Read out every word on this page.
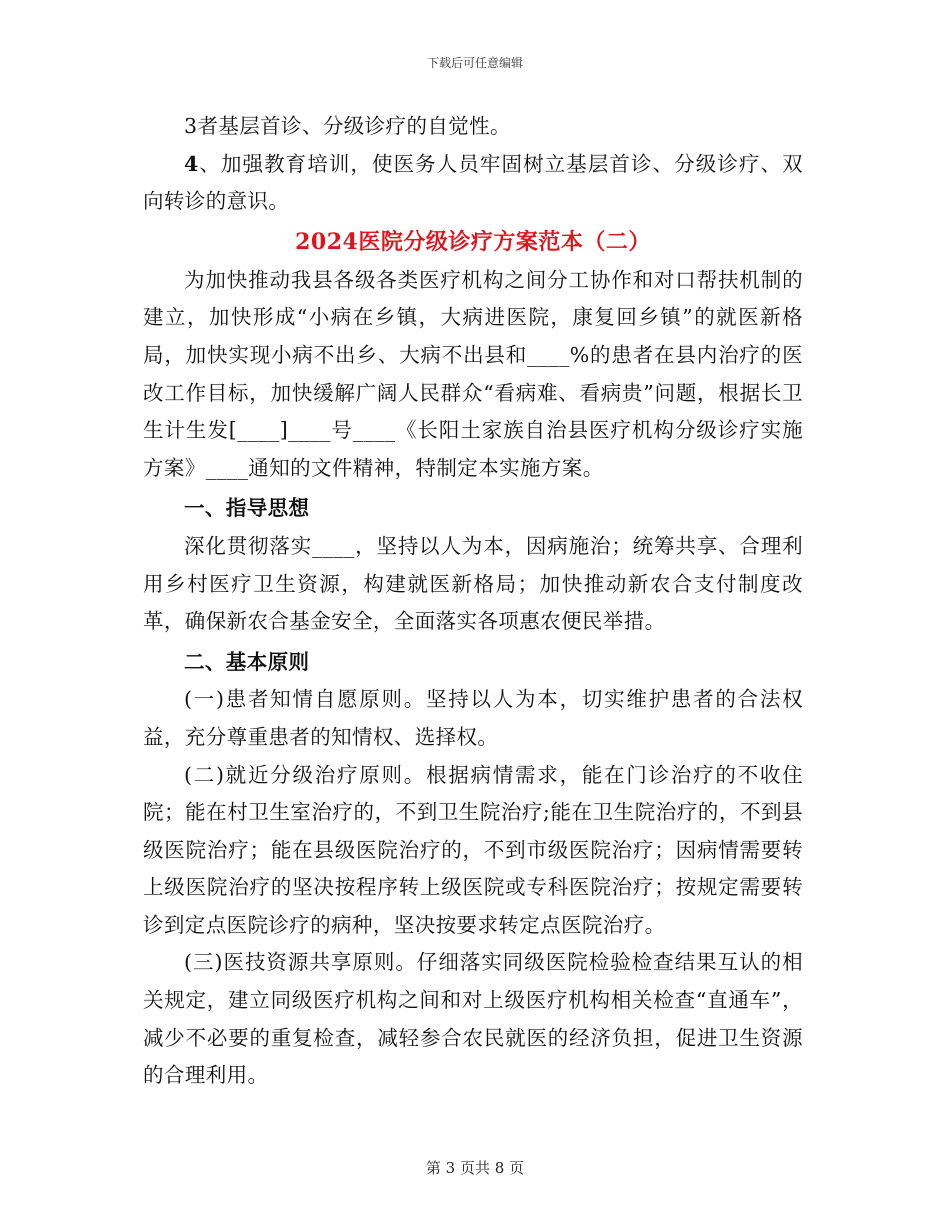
下载后可任意编辑

3者基层首诊、分级诊疗的自觉性。

4、加强教育培训，使医务人员牢固树立基层首诊、分级诊疗、双向转诊的意识。

2024医院分级诊疗方案范本（二）

为加快推动我县各级各类医疗机构之间分工协作和对口帮扶机制的建立，加快形成“小病在乡镇，大病进医院，康复回乡镇”的就医新格局，加快实现小病不出乡、大病不出县和____%的患者在县内治疗的医改工作目标，加快缓解广阔人民群众“看病难、看病贵”问题，根据长卫生计生发[____]____号____《长阳土家族自治县医疗机构分级诊疗实施方案》____通知的文件精神，特制定本实施方案。

一、指导思想

深化贯彻落实____，坚持以人为本，因病施治；统筹共享、合理利用乡村医疗卫生资源，构建就医新格局；加快推动新农合支付制度改革，确保新农合基金安全，全面落实各项惠农便民举措。

二、基本原则

(一)患者知情自愿原则。坚持以人为本，切实维护患者的合法权益，充分尊重患者的知情权、选择权。

(二)就近分级治疗原则。根据病情需求，能在门诊治疗的不收住院；能在村卫生室治疗的，不到卫生院治疗;能在卫生院治疗的，不到县级医院治疗；能在县级医院治疗的，不到市级医院治疗；因病情需要转上级医院治疗的坚决按程序转上级医院或专科医院治疗；按规定需要转诊到定点医院诊疗的病种，坚决按要求转定点医院治疗。

(三)医技资源共享原则。仔细落实同级医院检验检查结果互认的相关规定，建立同级医疗机构之间和对上级医疗机构相关检查“直通车”，减少不必要的重复检查，减轻参合农民就医的经济负担，促进卫生资源的合理利用。

第 3 页共 8 页
